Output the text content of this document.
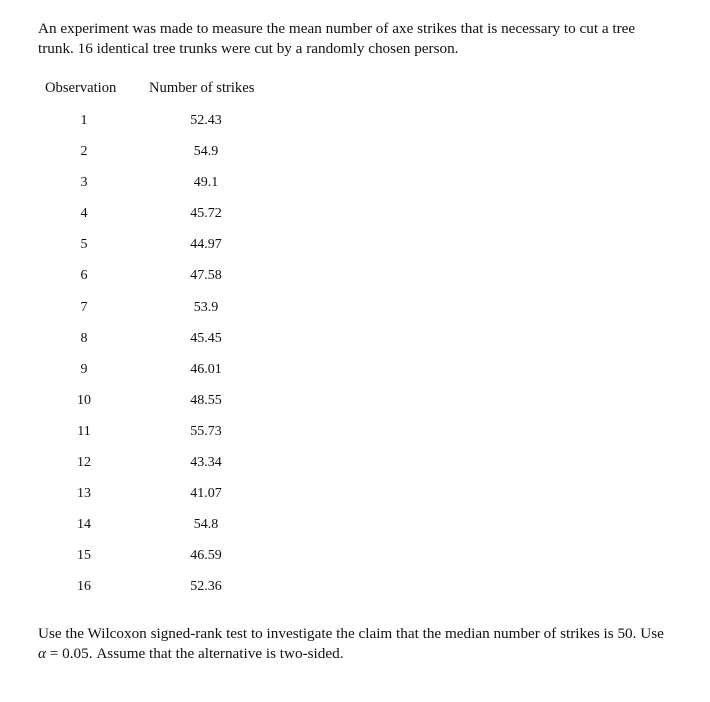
An experiment was made to measure the mean number of axe strikes that is necessary to cut a tree trunk. 16 identical tree trunks were cut by a randomly chosen person.

Observation Number of strikes
1	52.43
2	54.9
3	49.1
4	45.72
5	44.97
6	47.58
7	53.9
8	45.45
9	46.01
10	48.55
11	55.73
12	43.34
13	41.07
14	54.8
15	46.59
16	52.36

Use the Wilcoxon signed-rank test to investigate the claim that the median number of strikes is 50. Use α = 0.05. Assume that the alternative is two-sided.
